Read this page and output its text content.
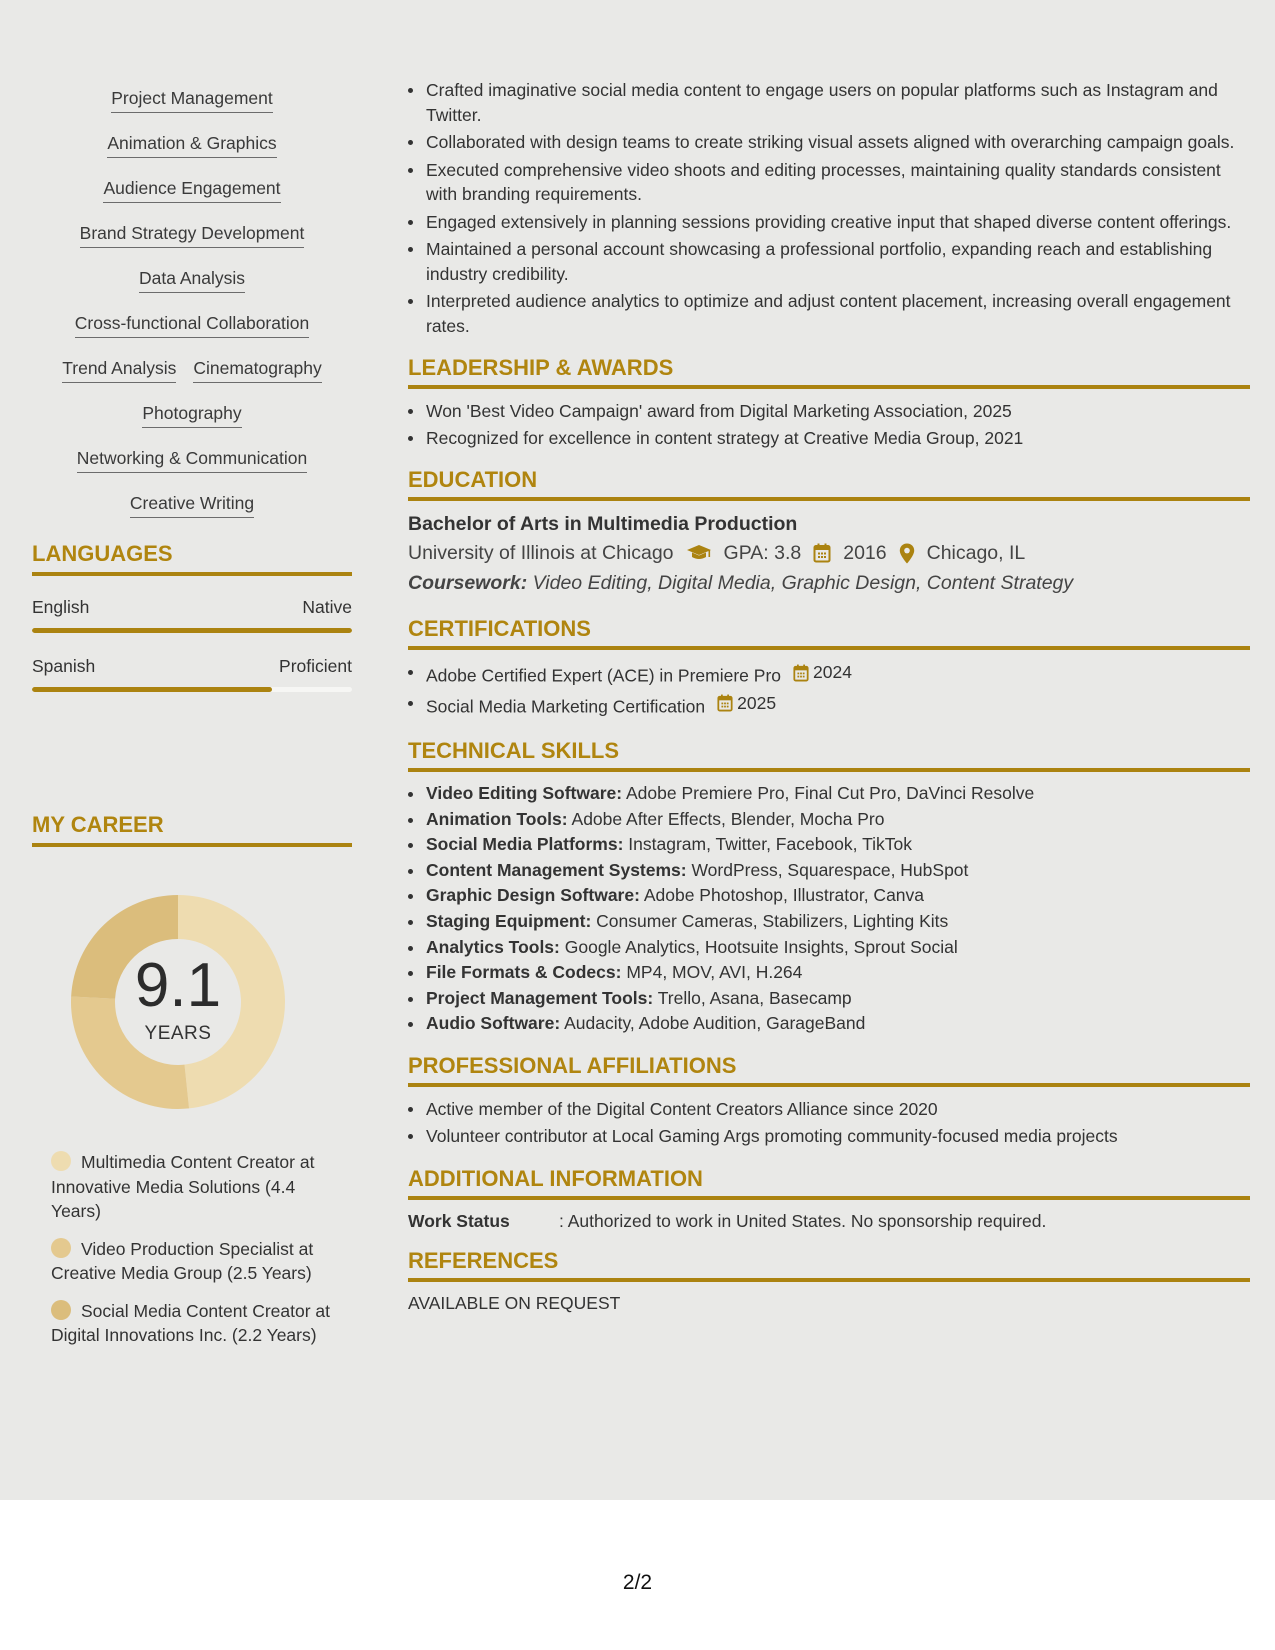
Project Management
Animation & Graphics
Audience Engagement
Brand Strategy Development
Data Analysis
Cross-functional Collaboration
Trend Analysis Cinematography
Photography
Networking & Communication
Creative Writing
LANGUAGES
English	Native
Spanish	Proficient
MY CAREER
9.1
YEARS
Multimedia Content Creator at Innovative Media Solutions (4.4 Years)
Video Production Specialist at Creative Media Group (2.5 Years)
Social Media Content Creator at Digital Innovations Inc. (2.2 Years)
Crafted imaginative social media content to engage users on popular platforms such as Instagram and Twitter.
Collaborated with design teams to create striking visual assets aligned with overarching campaign goals.
Executed comprehensive video shoots and editing processes, maintaining quality standards consistent with branding requirements.
Engaged extensively in planning sessions providing creative input that shaped diverse content offerings.
Maintained a personal account showcasing a professional portfolio, expanding reach and establishing industry credibility.
Interpreted audience analytics to optimize and adjust content placement, increasing overall engagement rates.
LEADERSHIP & AWARDS
Won 'Best Video Campaign' award from Digital Marketing Association, 2025
Recognized for excellence in content strategy at Creative Media Group, 2021
EDUCATION
Bachelor of Arts in Multimedia Production
University of Illinois at Chicago	GPA: 3.8 2016 Chicago, IL
Coursework: Video Editing, Digital Media, Graphic Design, Content Strategy
CERTIFICATIONS
Adobe Certified Expert (ACE) in Premiere Pro 2024
Social Media Marketing Certification 2025
TECHNICAL SKILLS
Video Editing Software: Adobe Premiere Pro, Final Cut Pro, DaVinci Resolve
Animation Tools: Adobe After Effects, Blender, Mocha Pro
Social Media Platforms: Instagram, Twitter, Facebook, TikTok
Content Management Systems: WordPress, Squarespace, HubSpot
Graphic Design Software: Adobe Photoshop, Illustrator, Canva
Staging Equipment: Consumer Cameras, Stabilizers, Lighting Kits
Analytics Tools: Google Analytics, Hootsuite Insights, Sprout Social
File Formats & Codecs: MP4, MOV, AVI, H.264
Project Management Tools: Trello, Asana, Basecamp
Audio Software: Audacity, Adobe Audition, GarageBand
PROFESSIONAL AFFILIATIONS
Active member of the Digital Content Creators Alliance since 2020
Volunteer contributor at Local Gaming Args promoting community-focused media projects
ADDITIONAL INFORMATION
Work Status	: Authorized to work in United States. No sponsorship required.
REFERENCES
AVAILABLE ON REQUEST
2/2
